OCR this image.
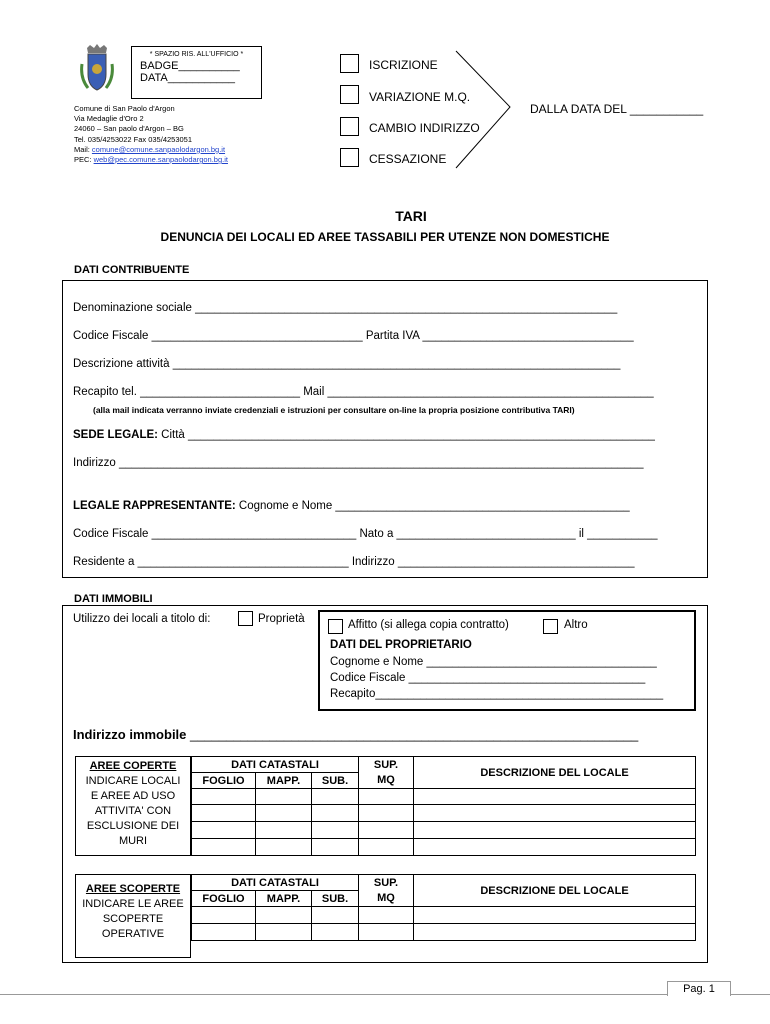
* SPAZIO RIS. ALL'UFFICIO *
BADGE__________
DATA___________
Comune di San Paolo d'Argon
Via Medaglie d'Oro 2
24060 – San paolo d'Argon – BG
Tel. 035/4253022 Fax 035/4253051
Mail: comune@comune.sanpaolodargon.bg.it
PEC: web@pec.comune.sanpaolodargon.bg.it
ISCRIZIONE
VARIAZIONE M.Q.
CAMBIO INDIRIZZO
CESSAZIONE
DALLA DATA DEL ___________
TARI
DENUNCIA DEI LOCALI ED AREE TASSABILI PER UTENZE NON DOMESTICHE
DATI CONTRIBUENTE
Denominazione sociale __________________________________________________________________
Codice Fiscale _________________________________ Partita IVA _________________________________
Descrizione attività ______________________________________________________________________
Recapito tel. _________________________ Mail ___________________________________________________
(alla mail indicata verranno inviate credenziali e istruzioni per consultare on-line la propria posizione contributiva TARI)
SEDE LEGALE: Città _________________________________________________________________________
Indirizzo __________________________________________________________________________________
LEGALE RAPPRESENTANTE: Cognome e Nome ______________________________________________
Codice Fiscale ________________________________ Nato a ____________________________ il ___________
Residente a _________________________________ Indirizzo _____________________________________
DATI IMMOBILI
Utilizzo dei locali a titolo di:	Proprietà	Affitto (si allega copia contratto)	Altro
DATI DEL PROPRIETARIO
Cognome e Nome ____________________________________
Codice Fiscale _____________________________________
Recapito_____________________________________________
Indirizzo immobile ______________________________________________________________
AREE COPERTE
INDICARE LOCALI
E AREE AD USO
ATTIVITA' CON
ESCLUSIONE DEI
MURI
DATI CATASTALI			SUP.	DESCRIZIONE DEL LOCALE
FOGLIO	MAPP.	SUB.	MQ	

AREE SCOPERTE
INDICARE LE AREE
SCOPERTE
OPERATIVE
DATI CATASTALI			SUP.	DESCRIZIONE DEL LOCALE
FOGLIO	MAPP.	SUB.	MQ	

Pag. 1
